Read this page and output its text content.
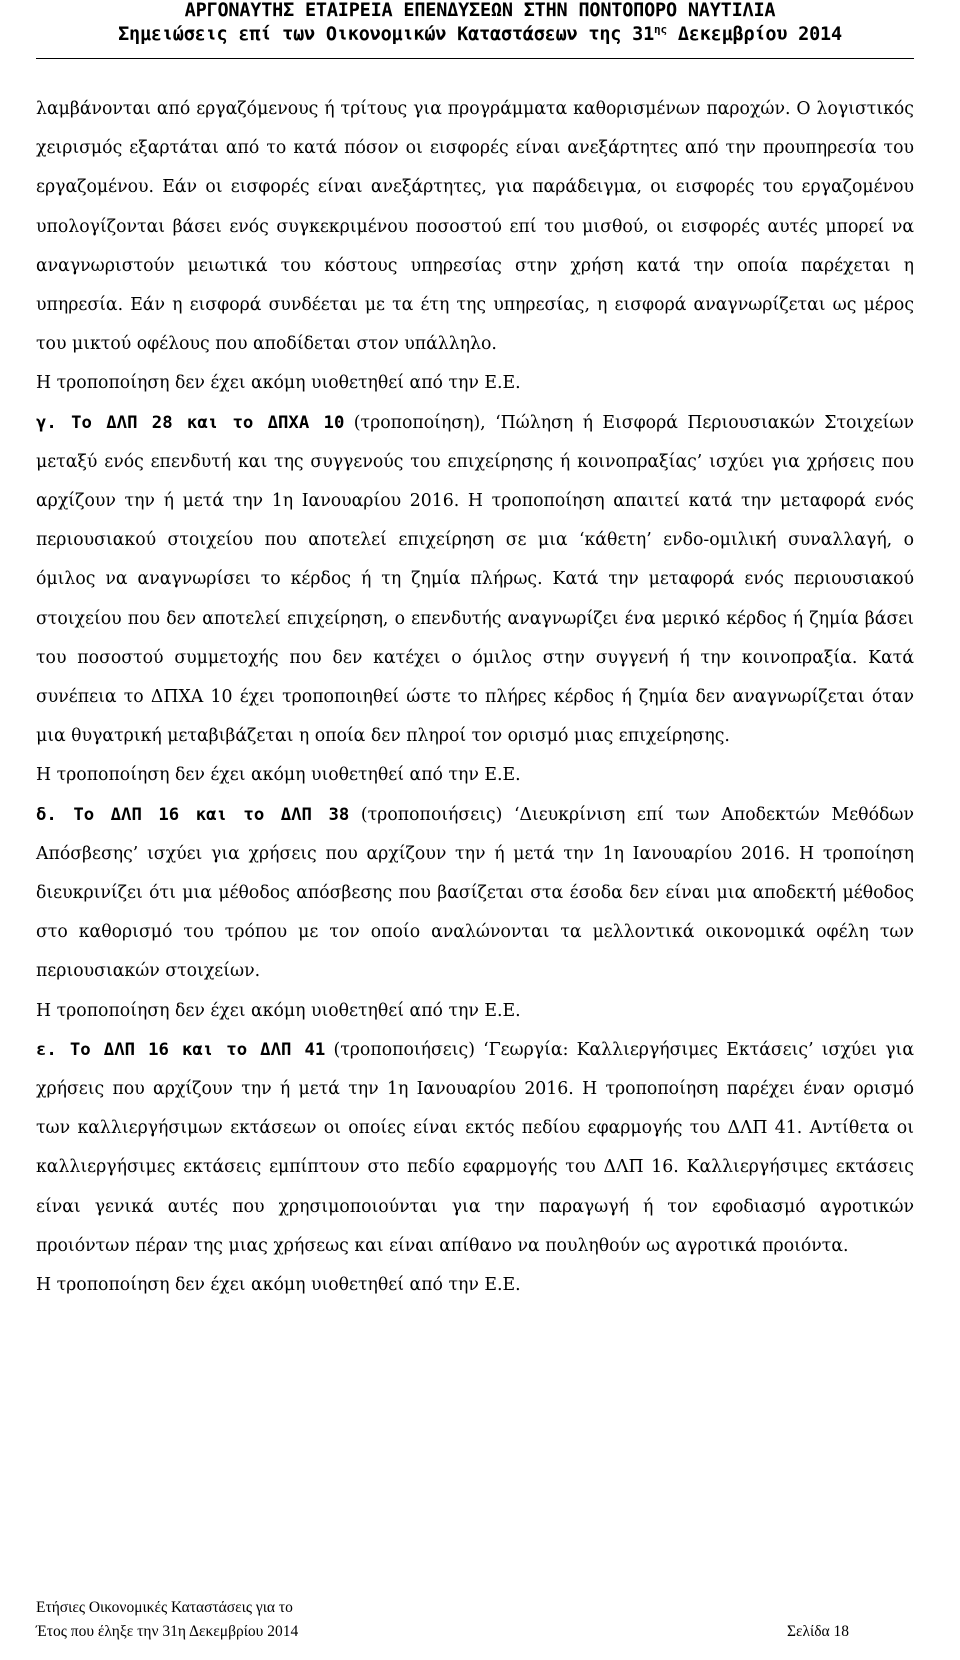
ΑΡΓΟΝΑΥΤΗΣ ΕΤΑΙΡΕΙΑ ΕΠΕΝΔΥΣΕΩΝ ΣΤΗΝ ΠΟΝΤΟΠΟΡΟ ΝΑΥΤΙΛΙΑ
Σημειώσεις επί των Οικονομικών Καταστάσεων της $31^{\eta\varsigma}$ Δεκεμβρίου 2014

λαμβάνονται από εργαζόμενους ή τρίτους για προγράμματα καθορισμένων παροχών. Ο λογιστικός χειρισμός εξαρτάται από το κατά πόσον οι εισφορές είναι ανεξάρτητες από την προυπηρεσία του εργαζομένου. Εάν οι εισφορές είναι ανεξάρτητες, για παράδειγμα, οι εισφορές του εργαζομένου υπολογίζονται βάσει ενός συγκεκριμένου ποσοστού επί του μισθού, οι εισφορές αυτές μπορεί να αναγνωριστούν μειωτικά του κόστους υπηρεσίας στην χρήση κατά την οποία παρέχεται η υπηρεσία. Εάν η εισφορά συνδέεται με τα έτη της υπηρεσίας, η εισφορά αναγνωρίζεται ως μέρος του μικτού οφέλους που αποδίδεται στον υπάλληλο.

Η τροποποίηση δεν έχει ακόμη υιοθετηθεί από την Ε.Ε.

γ. Το ΔΛΠ 28 και το ΔΠΧΑ 10 (τροποποίηση), ‘Πώληση ή Εισφορά Περιουσιακών Στοιχείων μεταξύ ενός επενδυτή και της συγγενούς του επιχείρησης ή κοινοπραξίας’ ισχύει για χρήσεις που αρχίζουν την ή μετά την 1η Ιανουαρίου 2016. Η τροποποίηση απαιτεί κατά την μεταφορά ενός περιουσιακού στοιχείου που αποτελεί επιχείρηση σε μια ‘κάθετη’ ενδο-ομιλική συναλλαγή, ο όμιλος να αναγνωρίσει το κέρδος ή τη ζημία πλήρως. Κατά την μεταφορά ενός περιουσιακού στοιχείου που δεν αποτελεί επιχείρηση, ο επενδυτής αναγνωρίζει ένα μερικό κέρδος ή ζημία βάσει του ποσοστού συμμετοχής που δεν κατέχει ο όμιλος στην συγγενή ή την κοινοπραξία. Κατά συνέπεια το ΔΠΧΑ 10 έχει τροποποιηθεί ώστε το πλήρες κέρδος ή ζημία δεν αναγνωρίζεται όταν μια θυγατρική μεταβιβάζεται η οποία δεν πληροί τον ορισμό μιας επιχείρησης.

Η τροποποίηση δεν έχει ακόμη υιοθετηθεί από την Ε.Ε.

δ. Το ΔΛΠ 16 και το ΔΛΠ 38 (τροποποιήσεις) ‘Διευκρίνιση επί των Αποδεκτών Μεθόδων Απόσβεσης’ ισχύει για χρήσεις που αρχίζουν την ή μετά την 1η Ιανουαρίου 2016. Η τροποίηση διευκρινίζει ότι μια μέθοδος απόσβεσης που βασίζεται στα έσοδα δεν είναι μια αποδεκτή μέθοδος στο καθορισμό του τρόπου με τον οποίο αναλώνονται τα μελλοντικά οικονομικά οφέλη των περιουσιακών στοιχείων.

Η τροποποίηση δεν έχει ακόμη υιοθετηθεί από την Ε.Ε.

ε. Το ΔΛΠ 16 και το ΔΛΠ 41 (τροποποιήσεις) ‘Γεωργία: Καλλιεργήσιμες Εκτάσεις’ ισχύει για χρήσεις που αρχίζουν την ή μετά την 1η Ιανουαρίου 2016. Η τροποποίηση παρέχει έναν ορισμό των καλλιεργήσιμων εκτάσεων οι οποίες είναι εκτός πεδίου εφαρμογής του ΔΛΠ 41. Αντίθετα οι καλλιεργήσιμες εκτάσεις εμπίπτουν στο πεδίο εφαρμογής του ΔΛΠ 16. Καλλιεργήσιμες εκτάσεις είναι γενικά αυτές που χρησιμοποιούνται για την παραγωγή ή τον εφοδιασμό αγροτικών προιόντων πέραν της μιας χρήσεως και είναι απίθανο να πουληθούν ως αγροτικά προιόντα.

Η τροποποίηση δεν έχει ακόμη υιοθετηθεί από την Ε.Ε.

Ετήσιες Οικονομικές Καταστάσεις για το
Έτος που έληξε την 31η Δεκεμβρίου 2014	Σελίδα 18
